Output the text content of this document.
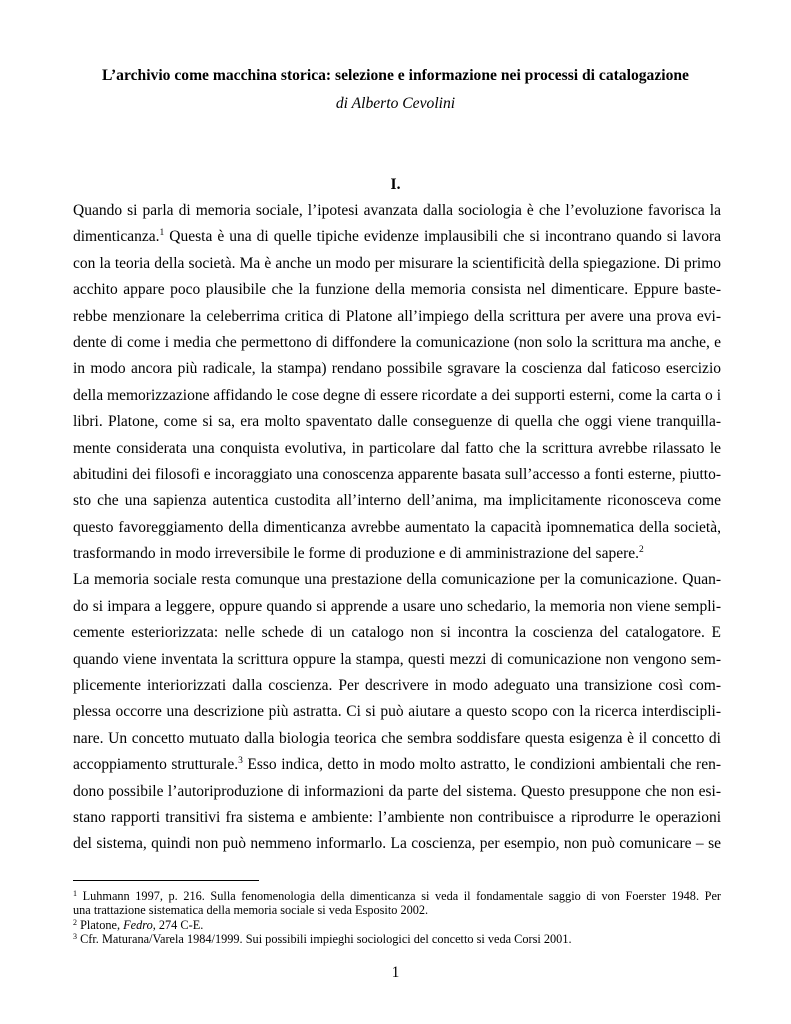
L’archivio come macchina storica: selezione e informazione nei processi di catalogazione
di Alberto Cevolini
I.
Quando si parla di memoria sociale, l’ipotesi avanzata dalla sociologia è che l’evoluzione favorisca la
dimenticanza.$^1$ Questa è una di quelle tipiche evidenze implausibili che si incontrano quando si lavora
con la teoria della società. Ma è anche un modo per misurare la scientificità della spiegazione. Di primo
acchito appare poco plausibile che la funzione della memoria consista nel dimenticare. Eppure baste-
rebbe menzionare la celeberrima critica di Platone all’impiego della scrittura per avere una prova evi-
dente di come i media che permettono di diffondere la comunicazione (non solo la scrittura ma anche, e
in modo ancora più radicale, la stampa) rendano possibile sgravare la coscienza dal faticoso esercizio
della memorizzazione affidando le cose degne di essere ricordate a dei supporti esterni, come la carta o i
libri. Platone, come si sa, era molto spaventato dalle conseguenze di quella che oggi viene tranquilla-
mente considerata una conquista evolutiva, in particolare dal fatto che la scrittura avrebbe rilassato le
abitudini dei filosofi e incoraggiato una conoscenza apparente basata sull’accesso a fonti esterne, piutto-
sto che una sapienza autentica custodita all’interno dell’anima, ma implicitamente riconosceva come
questo favoreggiamento della dimenticanza avrebbe aumentato la capacità ipomnematica della società,
trasformando in modo irreversibile le forme di produzione e di amministrazione del sapere.$^2$
La memoria sociale resta comunque una prestazione della comunicazione per la comunicazione. Quan-
do si impara a leggere, oppure quando si apprende a usare uno schedario, la memoria non viene sempli-
cemente esteriorizzata: nelle schede di un catalogo non si incontra la coscienza del catalogatore. E
quando viene inventata la scrittura oppure la stampa, questi mezzi di comunicazione non vengono sem-
plicemente interiorizzati dalla coscienza. Per descrivere in modo adeguato una transizione così com-
plessa occorre una descrizione più astratta. Ci si può aiutare a questo scopo con la ricerca interdiscipli-
nare. Un concetto mutuato dalla biologia teorica che sembra soddisfare questa esigenza è il concetto di
accoppiamento strutturale.$^3$ Esso indica, detto in modo molto astratto, le condizioni ambientali che ren-
dono possibile l’autoriproduzione di informazioni da parte del sistema. Questo presuppone che non esi-
stano rapporti transitivi fra sistema e ambiente: l’ambiente non contribuisce a riprodurre le operazioni
del sistema, quindi non può nemmeno informarlo. La coscienza, per esempio, non può comunicare – se
$^1$ Luhmann 1997, p. 216. Sulla fenomenologia della dimenticanza si veda il fondamentale saggio di von Foerster 1948. Per
una trattazione sistematica della memoria sociale si veda Esposito 2002.
$^2$ Platone, Fedro, 274 C-E.
$^3$ Cfr. Maturana/Varela 1984/1999. Sui possibili impieghi sociologici del concetto si veda Corsi 2001.
1
